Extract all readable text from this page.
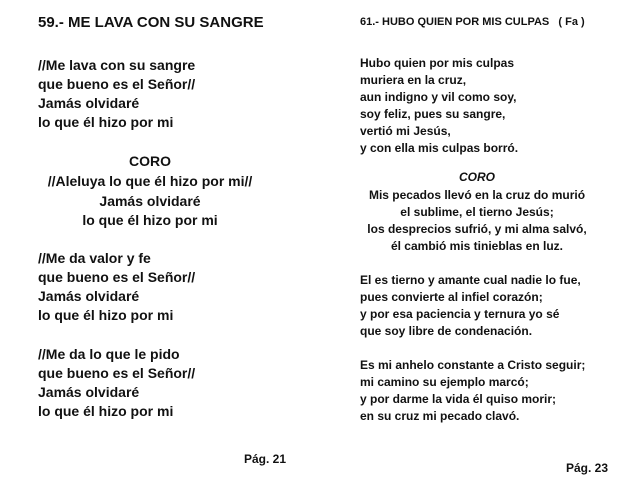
59.- ME LAVA CON SU SANGRE
//Me lava con su sangre
que bueno es el Señor//
Jamás olvidaré
lo que él hizo por mi
CORO
//Aleluya lo que él hizo por mi//
Jamás olvidaré
lo que él hizo por mi
//Me da valor y fe
que bueno es el Señor//
Jamás olvidaré
lo que él hizo por mi
//Me da lo que le pido
que bueno es el Señor//
Jamás olvidaré
lo que él hizo por mi
Pág. 21
61.- HUBO QUIEN POR MIS CULPAS   ( Fa )
Hubo quien por mis culpas
muriera en la cruz,
aun indigno y vil como soy,
soy feliz, pues su sangre,
vertió mi Jesús,
y con ella mis culpas borró.
CORO
Mis pecados llevó en la cruz do murió
el sublime, el tierno Jesús;
los desprecios sufrió, y mi alma salvó,
él cambió mis tinieblas en luz.
El es tierno y amante cual nadie lo fue,
pues convierte al infiel corazón;
y por esa paciencia y ternura yo sé
que soy libre de condenación.
Es mi anhelo constante a Cristo seguir;
mi camino su ejemplo marcó;
y por darme la vida él quiso morir;
en su cruz mi pecado clavó.
Pág. 23
